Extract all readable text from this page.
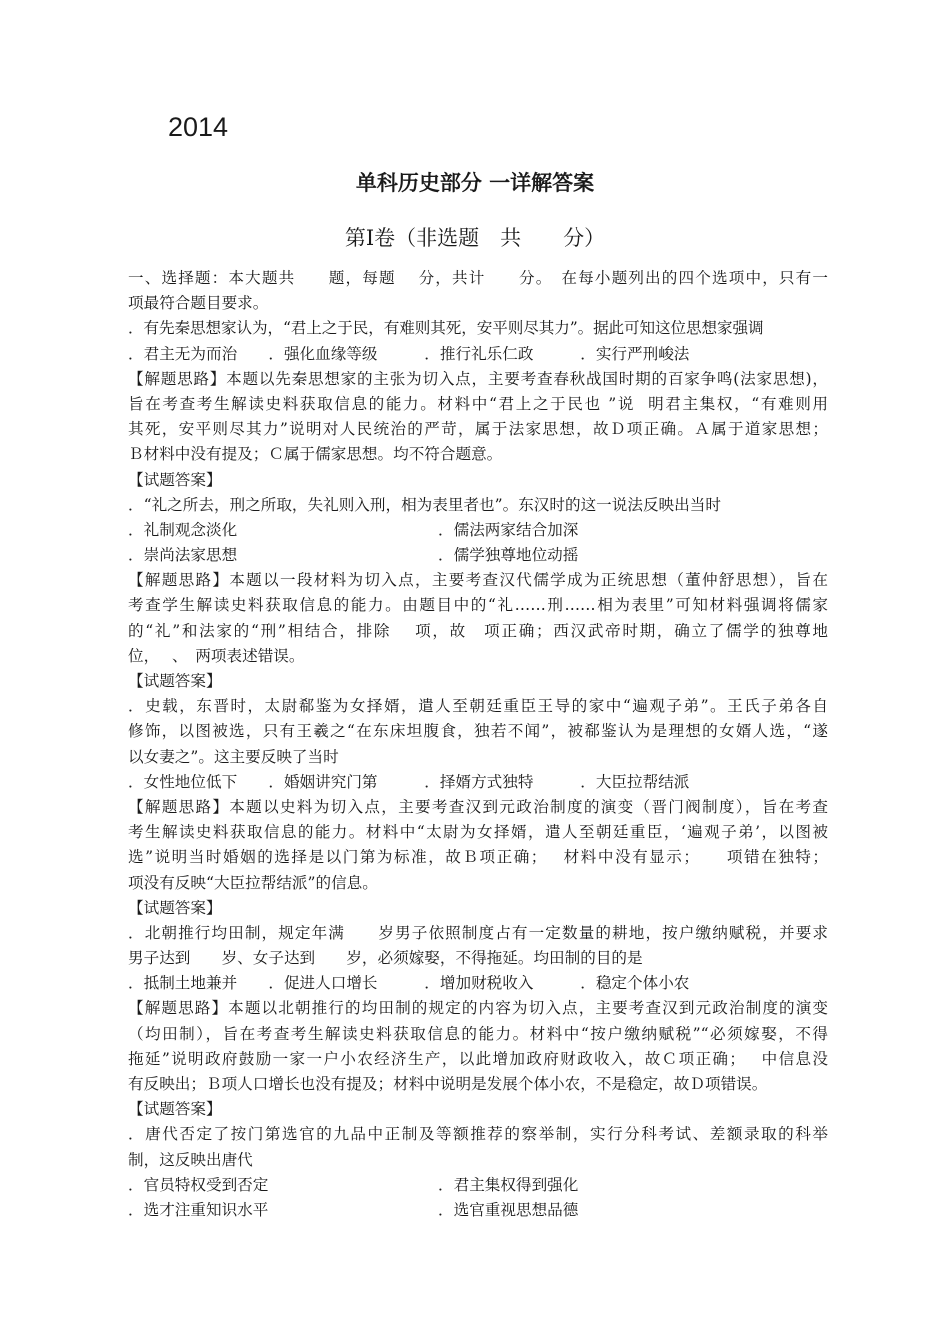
2014
单科历史部分 一详解答案
第Ⅰ卷（非选题　共　　分）
一、选择题：本大题共　　题，每题　 分，共计　　分。　在每小题列出的四个选项中，只有一
项最符合题目要求。
．有先秦思想家认为，“君上之于民，有难则其死，安平则尽其力”。据此可知这位思想家强调
．君主无为而治　　．强化血缘等级　　　．推行礼乐仁政　　　．实行严刑峻法
【解题思路】本题以先秦思想家的主张为切入点，主要考查春秋战国时期的百家争鸣(法家思想)，
旨在考查考生解读史料获取信息的能力。材料中“君上之于民也 ”说  明君主集权，“有难则用
其死，安平则尽其力”说明对人民统治的严苛，属于法家思想，故Ｄ项正确。Ａ属于道家思想；
Ｂ材料中没有提及；Ｃ属于儒家思想。均不符合题意。
【试题答案】
．“礼之所去，刑之所取，失礼则入刑，相为表里者也”。东汉时的这一说法反映出当时
．礼制观念淡化	．儒法两家结合加深
．崇尚法家思想	．儒学独尊地位动摇
【解题思路】本题以一段材料为切入点，主要考查汉代儒学成为正统思想（董仲舒思想），旨在
考查学生解读史料获取信息的能力。由题目中的“礼……刑……相为表里”可知材料强调将儒家
的“礼”和法家的“刑”相结合，排除　 项，故　项正确；西汉武帝时期，确立了儒学的独尊地
位，　 、　两项表述错误。
【试题答案】
．史载，东晋时，太尉郗鉴为女择婿，遣人至朝廷重臣王导的家中“遍观子弟”。王氏子弟各自
修饰，以图被选，只有王羲之“在东床坦腹食，独若不闻”，被郗鉴认为是理想的女婿人选，“遂
以女妻之”。这主要反映了当时
．女性地位低下　　．婚姻讲究门第　　　．择婿方式独特　　　．大臣拉帮结派
【解题思路】本题以史料为切入点，主要考查汉到元政治制度的演变（晋门阀制度），旨在考查
考生解读史料获取信息的能力。材料中“太尉为女择婿，遣人至朝廷重臣，‘遍观子弟’，以图被
选”说明当时婚姻的选择是以门第为标准，故Ｂ项正确；　 材料中没有显示；　　项错在独特；
项没有反映“大臣拉帮结派”的信息。
【试题答案】
．北朝推行均田制，规定年满　　岁男子依照制度占有一定数量的耕地，按户缴纳赋税，并要求
男子达到　　岁、女子达到　　岁，必须嫁娶，不得拖延。均田制的目的是
．抵制土地兼并　　．促进人口增长　　　．增加财税收入　　　．稳定个体小农
【解题思路】本题以北朝推行的均田制的规定的内容为切入点，主要考查汉到元政治制度的演变
（均田制），旨在考查考生解读史料获取信息的能力。材料中“按户缴纳赋税”“必须嫁娶，不得
拖延”说明政府鼓励一家一户小农经济生产，以此增加政府财政收入，故Ｃ项正确；　 中信息没
有反映出；Ｂ项人口增长也没有提及；材料中说明是发展个体小农，不是稳定，故Ｄ项错误。
【试题答案】
．唐代否定了按门第选官的九品中正制及等额推荐的察举制，实行分科考试、差额录取的科举
制，这反映出唐代
．官员特权受到否定	．君主集权得到强化
．选才注重知识水平	．选官重视思想品德
